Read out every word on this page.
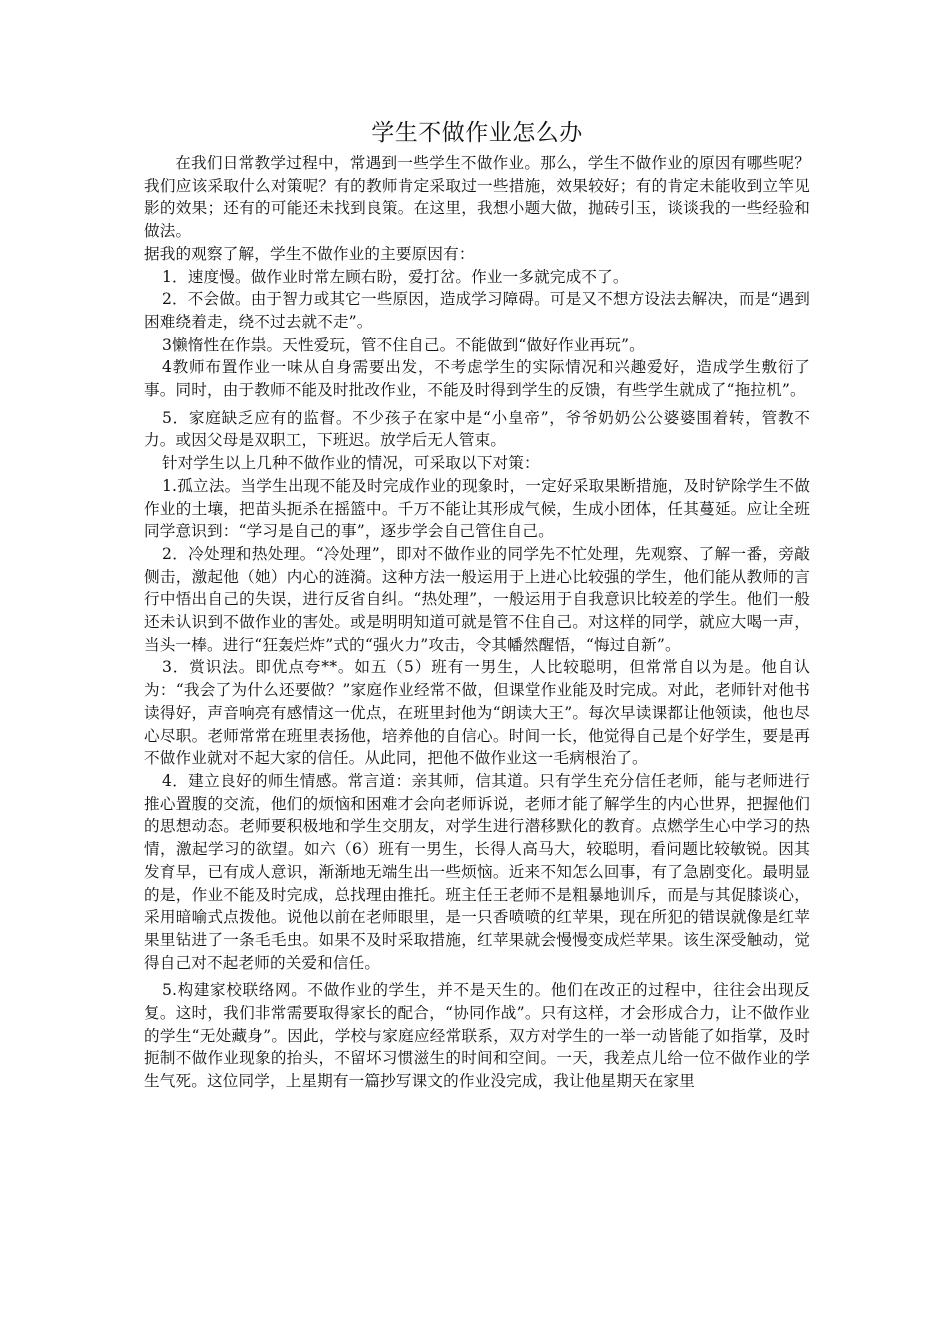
学生不做作业怎么办

在我们日常教学过程中，常遇到一些学生不做作业。那么，学生不做作业的原因有哪些呢？我们应该采取什么对策呢？有的教师肯定采取过一些措施，效果较好；有的肯定未能收到立竿见影的效果；还有的可能还未找到良策。在这里，我想小题大做，抛砖引玉，谈谈我的一些经验和做法。

据我的观察了解，学生不做作业的主要原因有：

1．速度慢。做作业时常左顾右盼，爱打岔。作业一多就完成不了。

2．不会做。由于智力或其它一些原因，造成学习障碍。可是又不想方设法去解决，而是“遇到困难绕着走，绕不过去就不走”。

3懒惰性在作祟。天性爱玩，管不住自己。不能做到“做好作业再玩”。

4教师布置作业一味从自身需要出发，不考虑学生的实际情况和兴趣爱好，造成学生敷衍了事。同时，由于教师不能及时批改作业，不能及时得到学生的反馈，有些学生就成了“拖拉机”。

5．家庭缺乏应有的监督。不少孩子在家中是“小皇帝”，爷爷奶奶公公婆婆围着转，管教不力。或因父母是双职工，下班迟。放学后无人管束。

针对学生以上几种不做作业的情况，可采取以下对策：

1.孤立法。当学生出现不能及时完成作业的现象时，一定好采取果断措施，及时铲除学生不做作业的土壤，把苗头扼杀在摇篮中。千万不能让其形成气候，生成小团体，任其蔓延。应让全班同学意识到：“学习是自己的事”，逐步学会自己管住自己。

2．冷处理和热处理。“冷处理”，即对不做作业的同学先不忙处理，先观察、了解一番，旁敲侧击，激起他（她）内心的涟漪。这种方法一般运用于上进心比较强的学生，他们能从教师的言行中悟出自己的失误，进行反省自纠。“热处理”，一般运用于自我意识比较差的学生。他们一般还未认识到不做作业的害处。或是明明知道可就是管不住自己。对这样的同学，就应大喝一声，当头一棒。进行“狂轰烂炸”式的“强火力”攻击，令其幡然醒悟，“悔过自新”。

3．赏识法。即优点夸**。如五（5）班有一男生，人比较聪明，但常常自以为是。他自认为：“我会了为什么还要做？”家庭作业经常不做，但课堂作业能及时完成。对此，老师针对他书读得好，声音响亮有感情这一优点，在班里封他为“朗读大王”。每次早读课都让他领读，他也尽心尽职。老师常常在班里表扬他，培养他的自信心。时间一长，他觉得自己是个好学生，要是再不做作业就对不起大家的信任。从此同，把他不做作业这一毛病根治了。

4．建立良好的师生情感。常言道：亲其师，信其道。只有学生充分信任老师，能与老师进行推心置腹的交流，他们的烦恼和困难才会向老师诉说，老师才能了解学生的内心世界，把握他们的思想动态。老师要积极地和学生交朋友，对学生进行潜移默化的教育。点燃学生心中学习的热情，激起学习的欲望。如六（6）班有一男生，长得人高马大，较聪明，看问题比较敏锐。因其发育早，已有成人意识，渐渐地无端生出一些烦恼。近来不知怎么回事，有了急剧变化。最明显的是，作业不能及时完成，总找理由推托。班主任王老师不是粗暴地训斥，而是与其促膝谈心，采用暗喻式点拨他。说他以前在老师眼里，是一只香喷喷的红苹果，现在所犯的错误就像是红苹果里钻进了一条毛毛虫。如果不及时采取措施，红苹果就会慢慢变成烂苹果。该生深受触动，觉得自己对不起老师的关爱和信任。

5.构建家校联络网。不做作业的学生，并不是天生的。他们在改正的过程中，往往会出现反复。这时，我们非常需要取得家长的配合，“协同作战”。只有这样，才会形成合力，让不做作业的学生“无处藏身”。因此，学校与家庭应经常联系，双方对学生的一举一动皆能了如指掌，及时扼制不做作业现象的抬头，不留坏习惯滋生的时间和空间。一天，我差点儿给一位不做作业的学生气死。这位同学，上星期有一篇抄写课文的作业没完成，我让他星期天在家里
